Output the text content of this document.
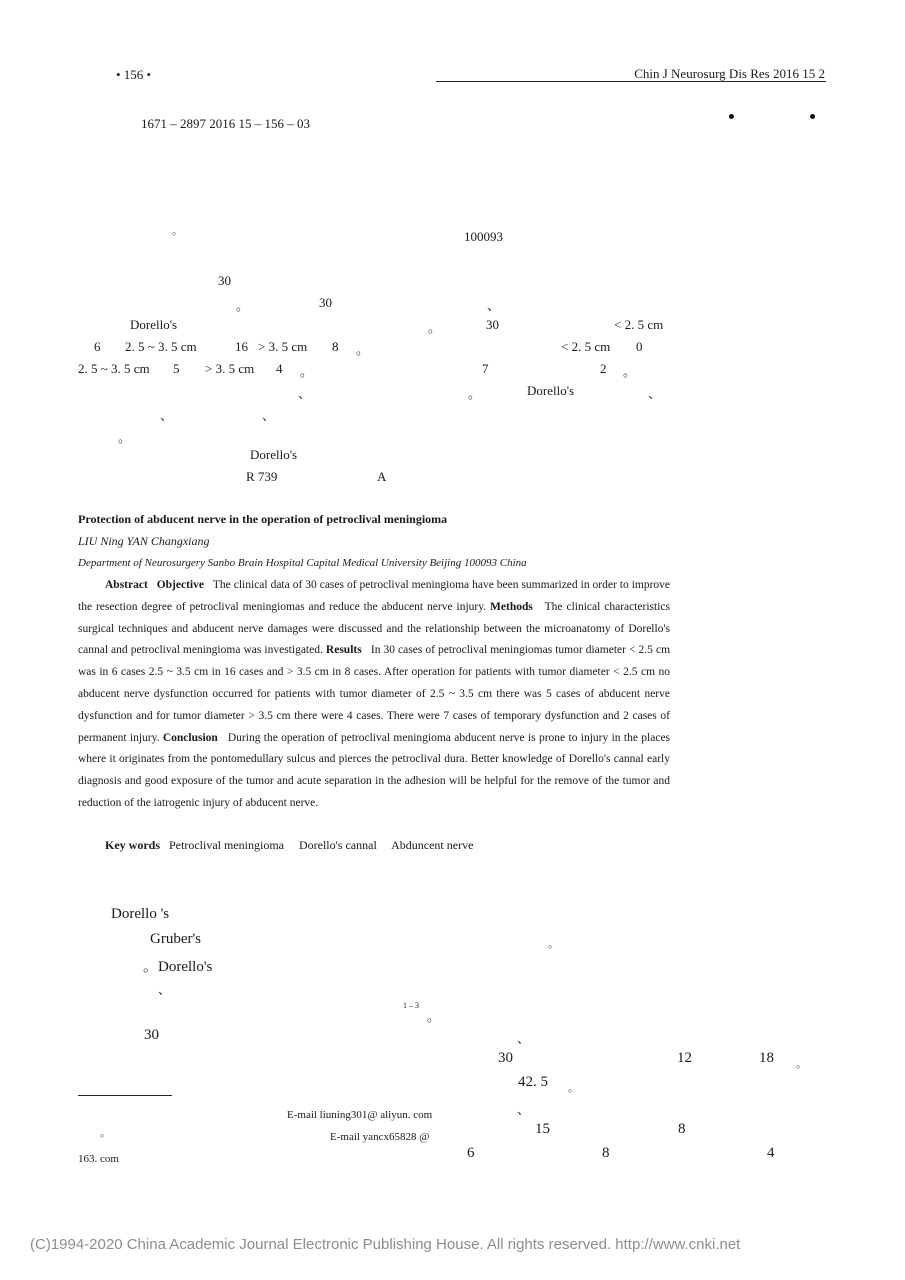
• 156 •	Chin J Neurosurg Dis Res 2016 15 2
1671 – 2897 2016 15 – 156 – 03
。	100093
30
。	30	、
Dorello's	。	30	< 2. 5 cm
6 2. 5 ~ 3. 5 cm	16 > 3. 5 cm 8 。	< 2. 5 cm 0
2. 5 ~ 3. 5 cm 5 > 3. 5 cm 4 。	7	2 。
、	。	Dorello's	、
、	、
。
Dorello's
R 739	A
Protection of abducent nerve in the operation of petroclival meningioma
LIU Ning YAN Changxiang
Department of Neurosurgery Sanbo Brain Hospital Capital Medical University Beijing 100093 China

Abstract Objective The clinical data of 30 cases of petroclival meningioma have been summarized in order to improve the resection degree of petroclival meningiomas and reduce the abducent nerve injury. Methods The clinical characteristics surgical techniques and abducent nerve damages were discussed and the relationship between the microanatomy of Dorello's cannal and petroclival meningioma was investigated. Results In 30 cases of petroclival meningiomas tumor diameter < 2.5 cm was in 6 cases 2.5 ~ 3.5 cm in 16 cases and > 3.5 cm in 8 cases. After operation for patients with tumor diameter < 2.5 cm no abducent nerve dysfunction occurred for patients with tumor diameter of 2.5 ~ 3.5 cm there was 5 cases of abducent nerve dysfunction and for tumor diameter > 3.5 cm there were 4 cases. There were 7 cases of temporary dysfunction and 2 cases of permanent injury. Conclusion During the operation of petroclival meningioma abducent nerve is prone to injury in the places where it originates from the pontomedullary sulcus and pierces the petroclival dura. Better knowledge of Dorello's cannal early diagnosis and good exposure of the tumor and acute separation in the adhesion will be helpful for the remove of the tumor and reduction of the iatrogenic injury of abducent nerve.

Key words Petroclival meningioma     Dorello's cannal     Abduncent nerve
Dorello 's
Gruber's	。
。Dorello's
、
1 – 3
。
30
E-mail liuning301@ aliyun. com
。	E-mail yancx65828 @
163. com
、
30	12	18 。
42. 5 。
、
15	8
6	8	4
(C)1994-2020 China Academic Journal Electronic Publishing House. All rights reserved. http://www.cnki.net
